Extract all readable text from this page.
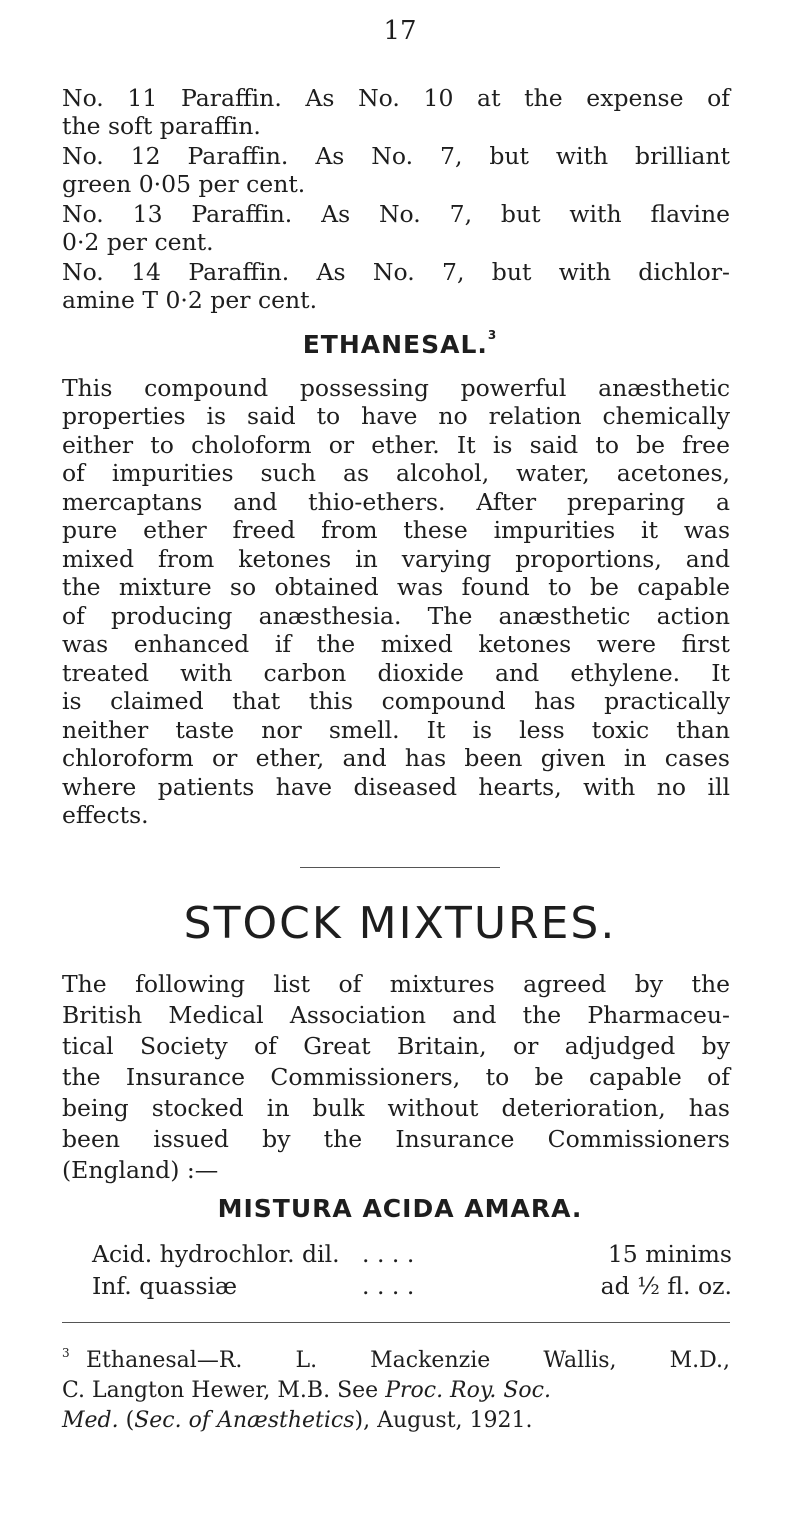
17
No. 11 Paraffin. As No. 10 at the expense of
the soft paraffin.
No. 12 Paraffin. As No. 7, but with brilliant
green 0·05 per cent.
No. 13 Paraffin. As No. 7, but with flavine
0·2 per cent.
No. 14 Paraffin. As No. 7, but with dichlor-
amine T 0·2 per cent.
ETHANESAL.$^3$
This compound possessing powerful anæsthetic
properties is said to have no relation chemically
either to choloform or ether. It is said to be free
of impurities such as alcohol, water, acetones,
mercaptans and thio-ethers. After preparing a
pure ether freed from these impurities it was
mixed from ketones in varying proportions, and
the mixture so obtained was found to be capable
of producing anæsthesia. The anæsthetic action
was enhanced if the mixed ketones were first
treated with carbon dioxide and ethylene. It
is claimed that this compound has practically
neither taste nor smell. It is less toxic than
chloroform or ether, and has been given in cases
where patients have diseased hearts, with no ill
effects.
STOCK MIXTURES.
The following list of mixtures agreed by the
British Medical Association and the Pharmaceu-
tical Society of Great Britain, or adjudged by
the Insurance Commissioners, to be capable of
being stocked in bulk without deterioration, has
been issued by the Insurance Commissioners
(England) :—
MISTURA ACIDA AMARA.
Acid. hydrochlor. dil. . . . .	15 minims
Inf. quassiæ	. . . .	ad ½ fl. oz.
3 Ethanesal—R. L. Mackenzie Wallis, M.D.,
C. Langton Hewer, M.B. See Proc. Roy. Soc.
Med. (Sec. of Anæsthetics), August, 1921.
